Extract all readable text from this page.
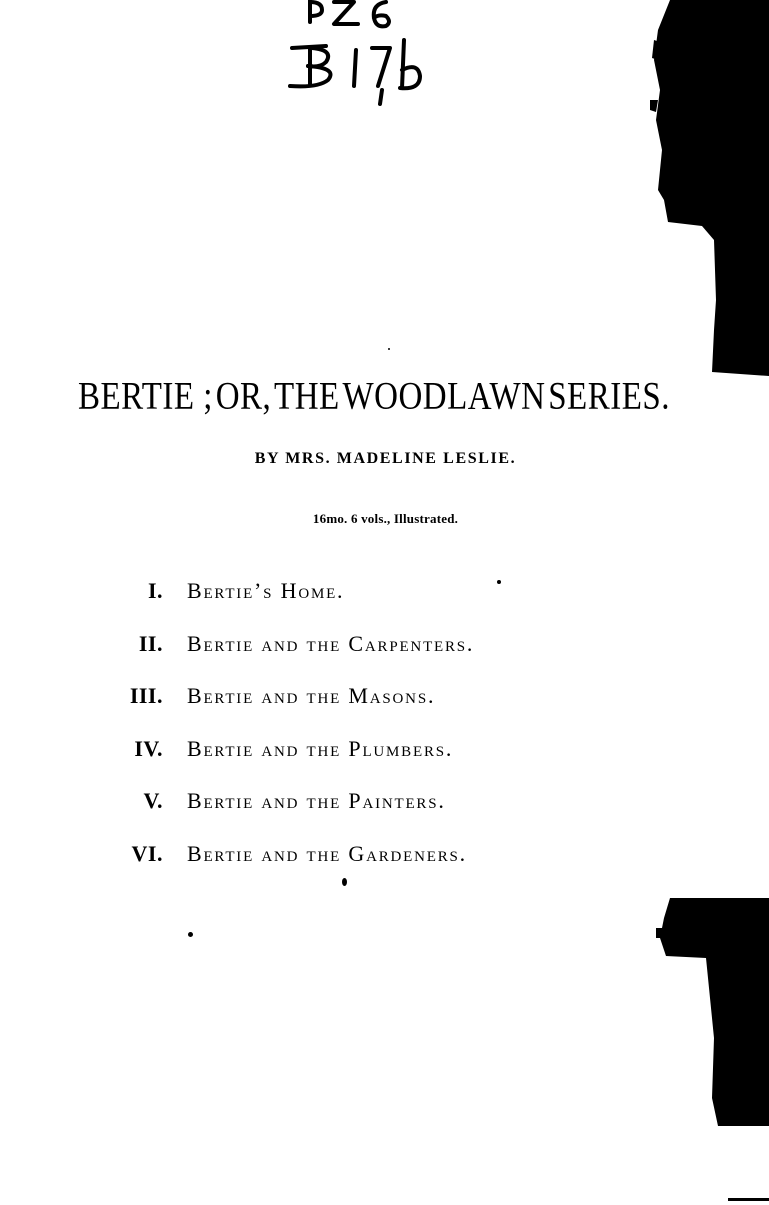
BERTIE ; OR, THE WOODLAWN SERIES.
BY MRS. MADELINE LESLIE.
16mo. 6 vols., Illustrated.
I. Bertie’s Home.
II. Bertie and the Carpenters.
III. Bertie and the Masons.
IV. Bertie and the Plumbers.
V. Bertie and the Painters.
VI. Bertie and the Gardeners.
